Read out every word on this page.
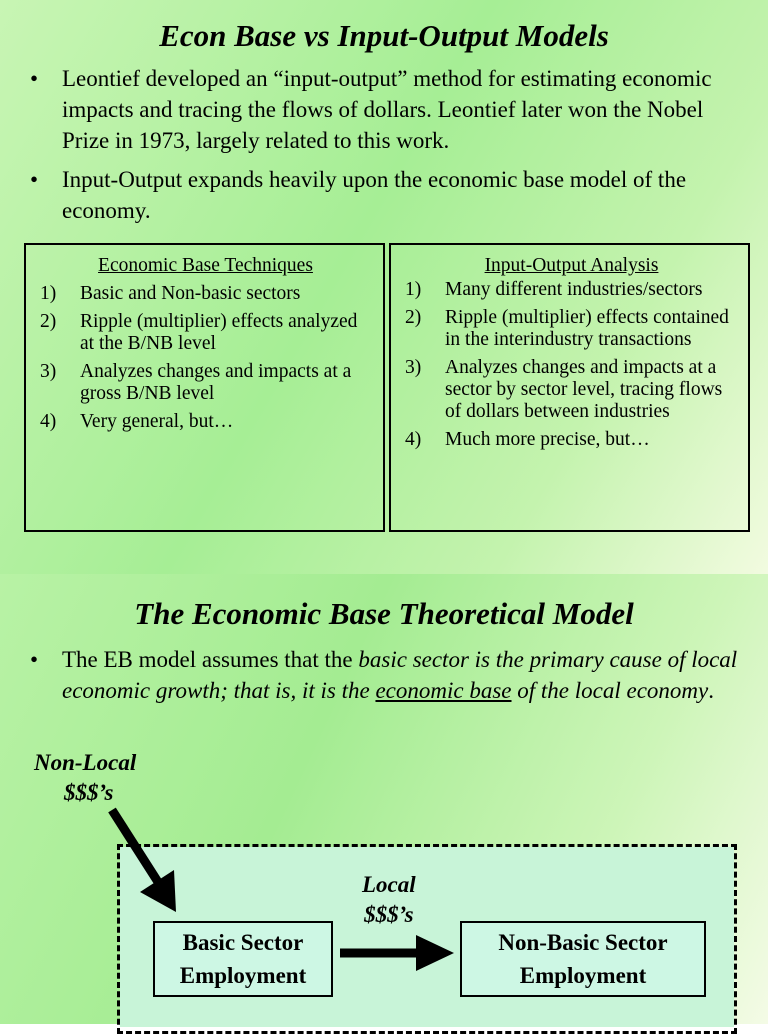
Econ Base vs Input-Output Models
• Leontief developed an “input-output” method for estimating economic impacts and tracing the flows of dollars. Leontief later won the Nobel Prize in 1973, largely related to this work.
• Input-Output expands heavily upon the economic base model of the economy.
Economic Base Techniques
1) Basic and Non-basic sectors
2) Ripple (multiplier) effects analyzed at the B/NB level
3) Analyzes changes and impacts at a gross B/NB level
4) Very general, but…
Input-Output Analysis
1) Many different industries/sectors
2) Ripple (multiplier) effects contained in the interindustry transactions
3) Analyzes changes and impacts at a sector by sector level, tracing flows of dollars between industries
4) Much more precise, but…
The Economic Base Theoretical Model
• The EB model assumes that the basic sector is the primary cause of local economic growth; that is, it is the economic base of the local economy.
Non-Local
$$$’s
Local
$$$’s
Basic Sector
Employment
Non-Basic Sector
Employment
